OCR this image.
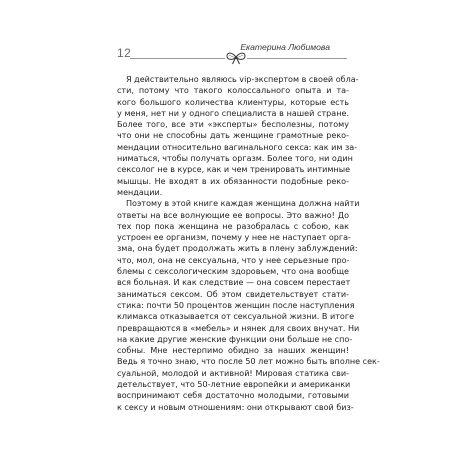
12	Екатерина Любимова
Я действительно являюсь vip-экспертом в своей обла-
сти, потому что такого колоссального опыта и та-
кого большого количества клиентуры, которые есть
у меня, нет ни у одного специалиста в нашей стране.
Более того, все эти «эксперты» бесполезны, потому
что они не способны дать женщине грамотные реко-
мендации относительно вагинального секса: как им за-
ниматься, чтобы получать оргазм. Более того, ни один
сексолог не в курсе, как и чем тренировать интимные
мышцы. Не входят в их обязанности подобные реко-
мендации.
Поэтому в этой книге каждая женщина должна найти
ответы на все волнующие ее вопросы. Это важно! До
тех пор пока женщина не разобралась с собою, как
устроен ее организм, почему у нее не наступает орга-
зма, она будет продолжать жить в плену заблуждений:
что, мол, она не сексуальна, что у нее серьезные про-
блемы с сексологическим здоровьем, что она вообще
вся больная. И как следствие — она совсем перестает
заниматься сексом. Об этом свидетельствует стати-
стика: почти 50 процентов женщин после наступления
климакса отказывается от сексуальной жизни. В итоге
превращаются в «мебель» и нянек для своих внучат. Ни
на какие другие женские функции они больше не спо-
собны. Мне нестерпимо обидно за наших женщин!
Ведь я точно знаю, что после 50 лет можно быть вполне сек-
суальной, молодой и активной! Мировая статика сви-
детельствует, что 50-летние европейки и американки
воспринимают себя достаточно молодыми, готовыми
к сексу и новым отношениям: они открывают свой биз-
